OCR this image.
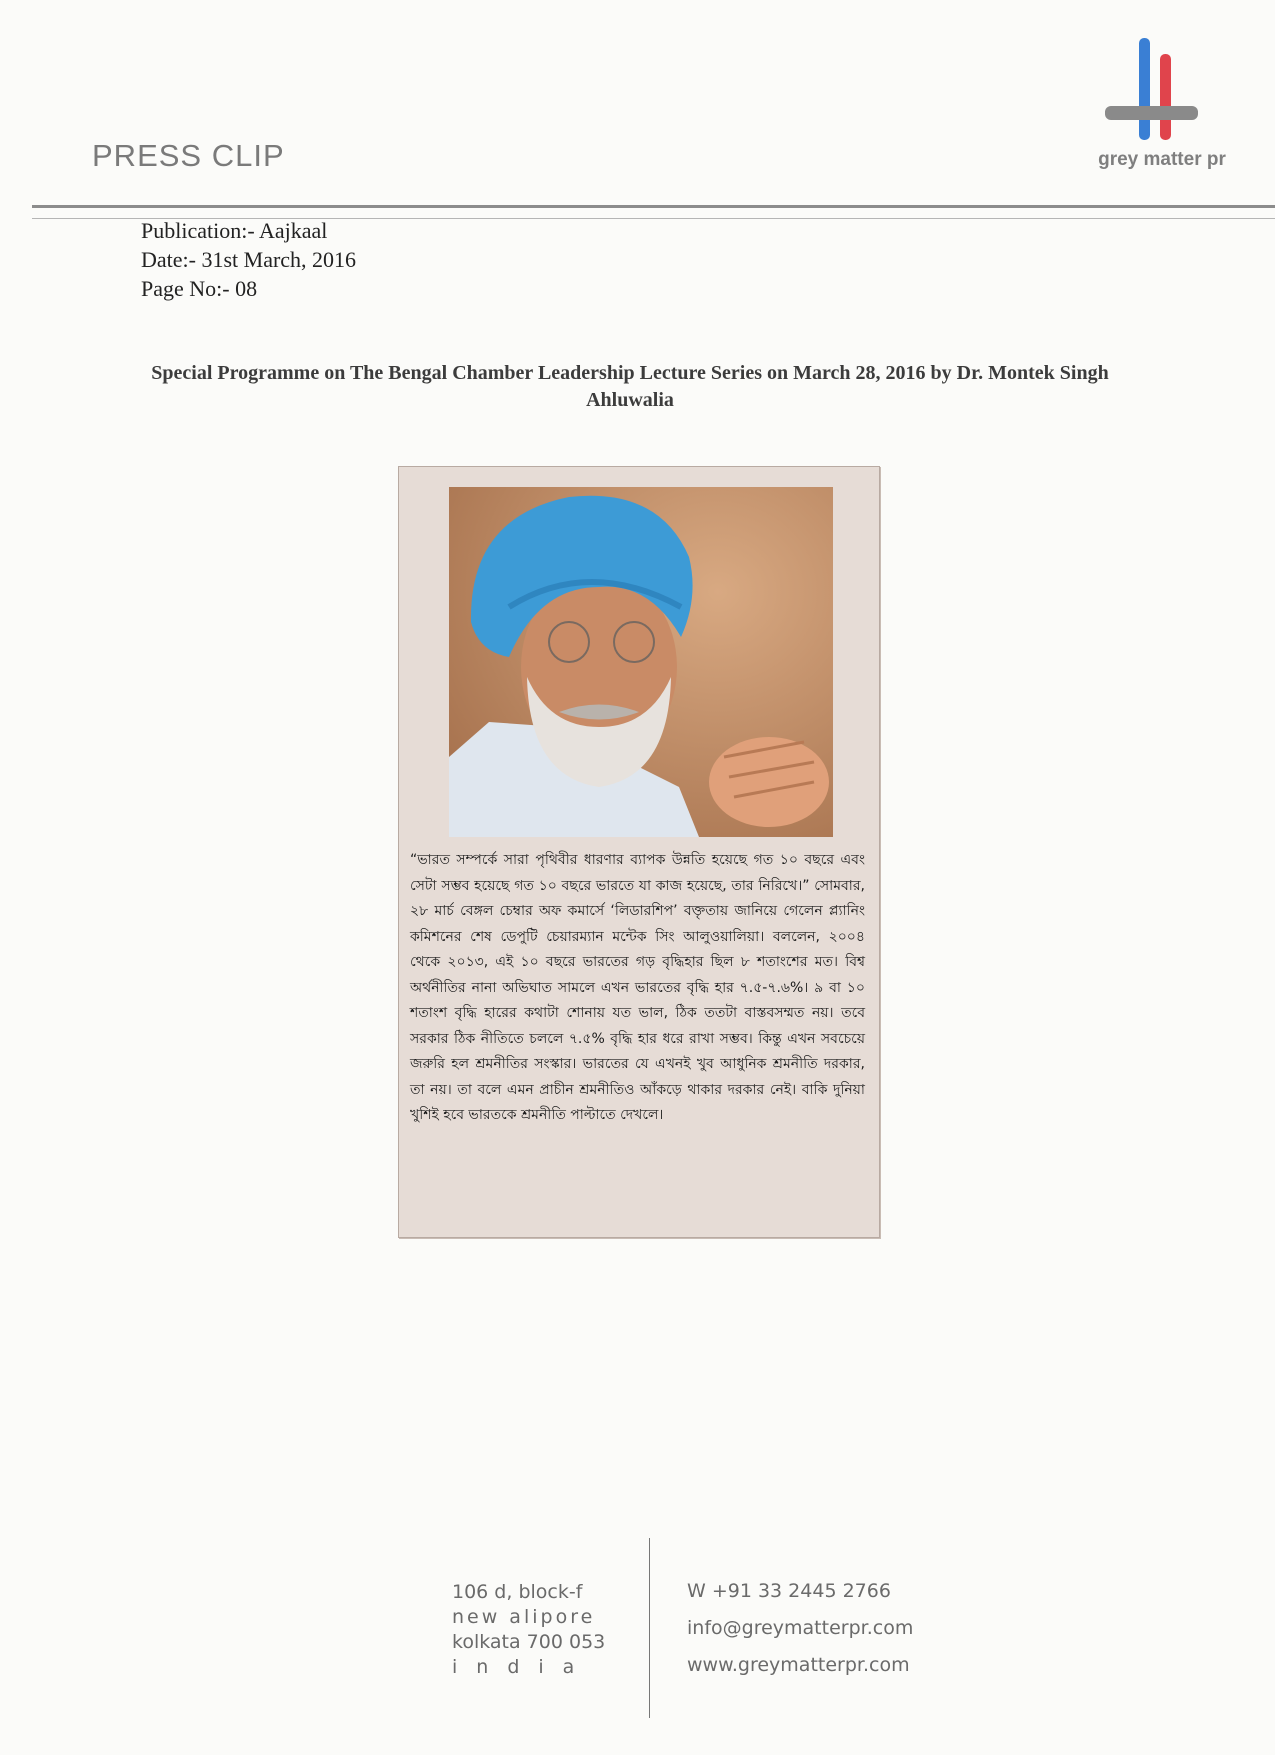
PRESS CLIP	grey matter pr
Publication:- Aajkaal
Date:- 31st March, 2016
Page No:- 08
Special Programme on The Bengal Chamber Leadership Lecture Series on March 28, 2016 by Dr. Montek Singh Ahluwalia
“ভারত সম্পর্কে সারা পৃথিবীর ধারণার ব্যাপক উন্নতি হয়েছে গত ১০ বছরে এবং সেটা সম্ভব হয়েছে গত ১০ বছরে ভারতে যা কাজ হয়েছে, তার নিরিখে।” সোমবার, ২৮ মার্চ বেঙ্গল চেম্বার অফ কমার্সে ‘লিডারশিপ’ বক্তৃতায় জানিয়ে গেলেন প্ল্যানিং কমিশনের শেষ ডেপুটি চেয়ারম্যান মন্টেক সিং আলুওয়ালিয়া। বললেন, ২০০৪ থেকে ২০১৩, এই ১০ বছরে ভারতের গড় বৃদ্ধিহার ছিল ৮ শতাংশের মত। বিশ্ব অর্থনীতির নানা অভিঘাত সামলে এখন ভারতের বৃদ্ধি হার ৭.৫-৭.৬%। ৯ বা ১০ শতাংশ বৃদ্ধি হারের কথাটা শোনায় যত ভাল, ঠিক ততটা বাস্তবসম্মত নয়। তবে সরকার ঠিক নীতিতে চললে ৭.৫% বৃদ্ধি হার ধরে রাখা সম্ভব। কিন্তু এখন সবচেয়ে জরুরি হল শ্রমনীতির সংস্কার। ভারতের যে এখনই খুব আধুনিক শ্রমনীতি দরকার, তা নয়। তা বলে এমন প্রাচীন শ্রমনীতিও আঁকড়ে থাকার দরকার নেই। বাকি দুনিয়া খুশিই হবে ভারতকে শ্রমনীতি পাল্টাতে দেখলে।
106 d, block-f
new alipore
kolkata 700 053
india
W +91 33 2445 2766
info@greymatterpr.com
www.greymatterpr.com
